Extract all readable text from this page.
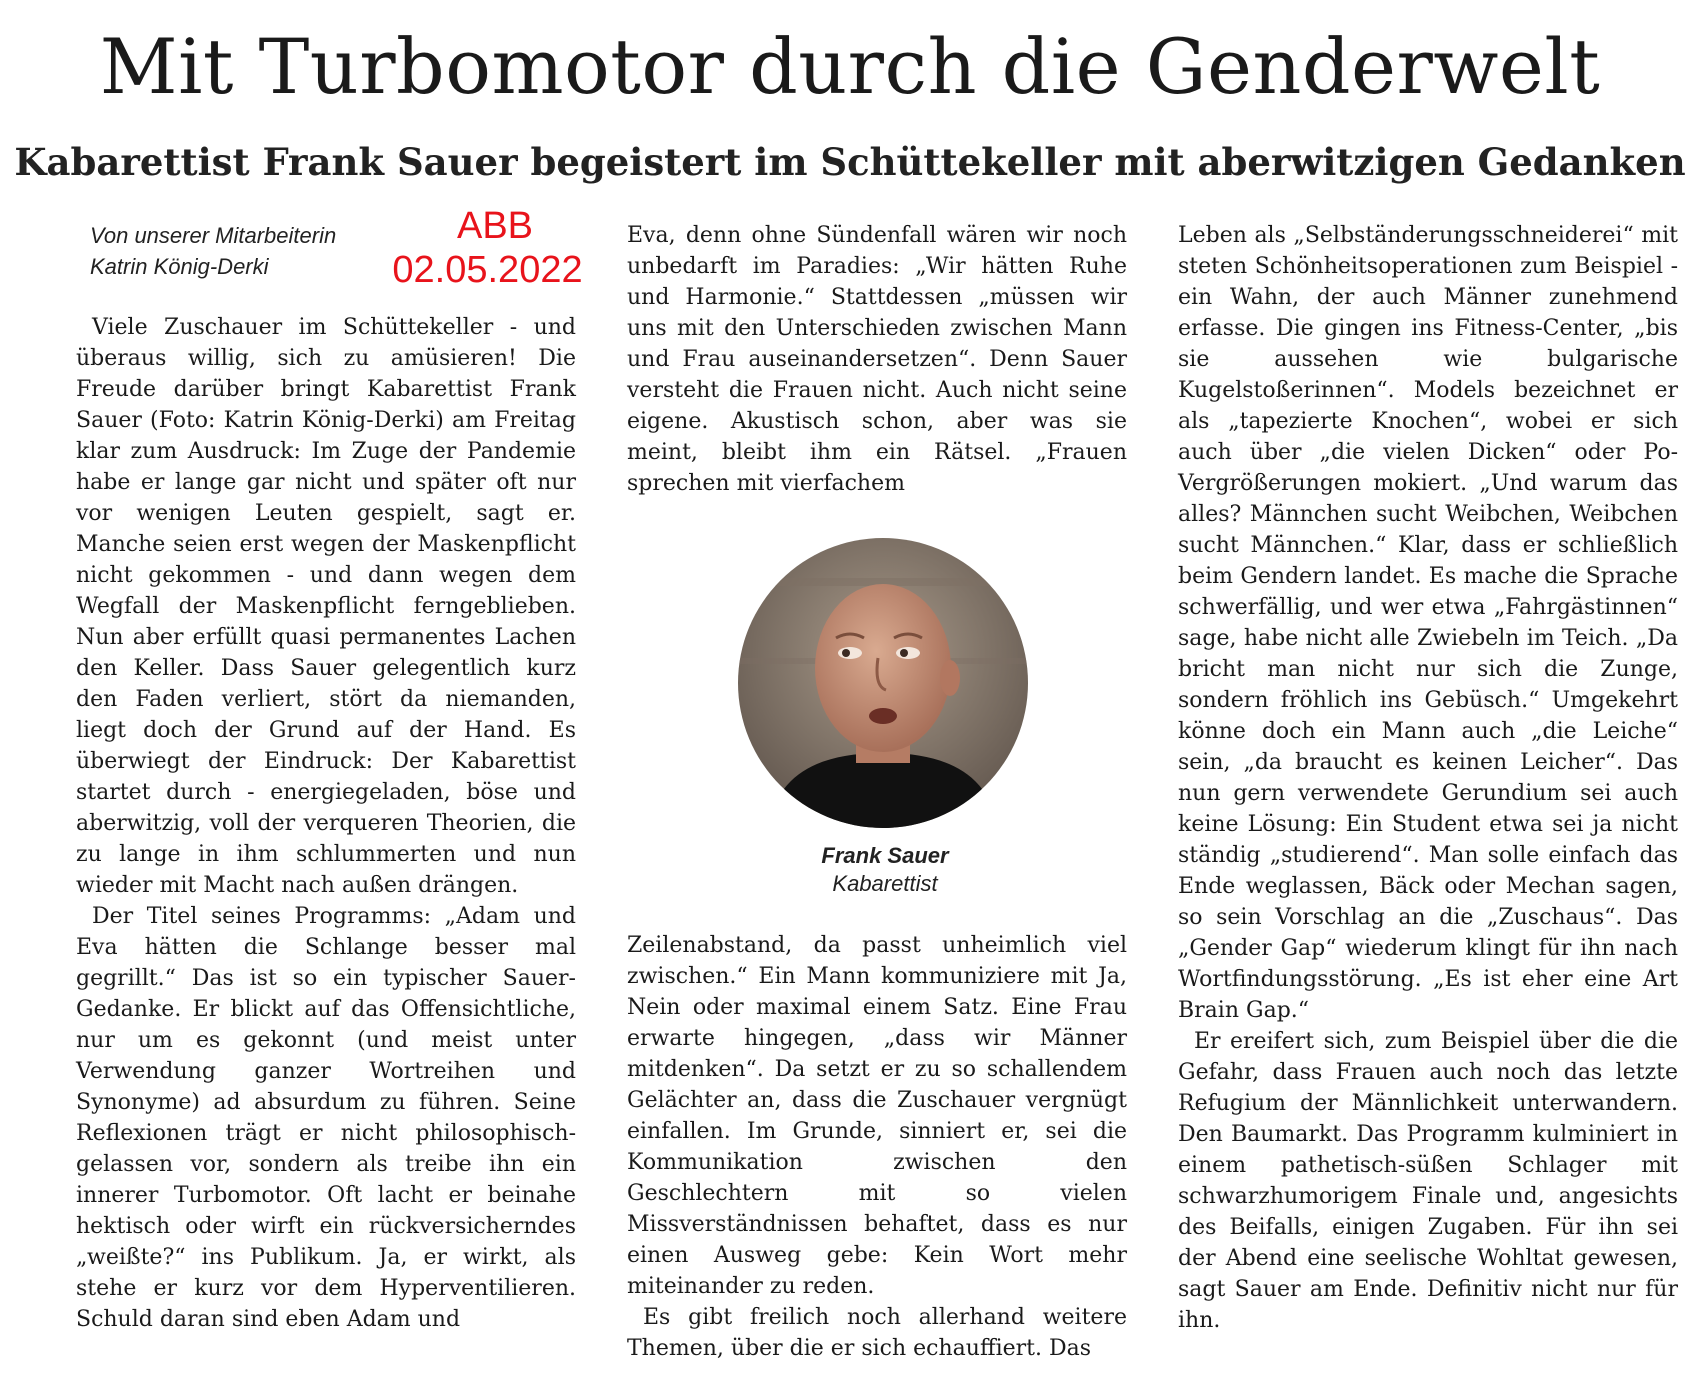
Mit Turbomotor durch die Genderwelt
Kabarettist Frank Sauer begeistert im Schüttekeller mit aberwitzigen Gedanken
Von unserer Mitarbeiterin
Katrin König-Derki
ABB
02.05.2022

Viele Zuschauer im Schüttekeller - und überaus willig, sich zu amüsieren! Die Freude darüber bringt Kabarettist Frank Sauer (Foto: Katrin König-Derki) am Freitag klar zum Ausdruck: Im Zuge der Pandemie habe er lange gar nicht und später oft nur vor wenigen Leuten gespielt, sagt er. Manche seien erst wegen der Maskenpflicht nicht gekommen - und dann wegen dem Wegfall der Maskenpflicht ferngeblieben. Nun aber erfüllt quasi permanentes Lachen den Keller. Dass Sauer gelegentlich kurz den Faden verliert, stört da niemanden, liegt doch der Grund auf der Hand. Es überwiegt der Eindruck: Der Kabarettist startet durch - energiegeladen, böse und aberwitzig, voll der verqueren Theorien, die zu lange in ihm schlummerten und nun wieder mit Macht nach außen drängen.

Der Titel seines Programms: „Adam und Eva hätten die Schlange besser mal gegrillt.“ Das ist so ein typischer Sauer-Gedanke. Er blickt auf das Offensichtliche, nur um es gekonnt (und meist unter Verwendung ganzer Wortreihen und Synonyme) ad absurdum zu führen. Seine Reflexionen trägt er nicht philosophisch-gelassen vor, sondern als treibe ihn ein innerer Turbomotor. Oft lacht er beinahe hektisch oder wirft ein rückversicherndes „weißte?“ ins Publikum. Ja, er wirkt, als stehe er kurz vor dem Hyperventilieren. Schuld daran sind eben Adam und

Eva, denn ohne Sündenfall wären wir noch unbedarft im Paradies: „Wir hätten Ruhe und Harmonie.“ Stattdessen „müssen wir uns mit den Unterschieden zwischen Mann und Frau auseinandersetzen“. Denn Sauer versteht die Frauen nicht. Auch nicht seine eigene. Akustisch schon, aber was sie meint, bleibt ihm ein Rätsel. „Frauen sprechen mit vierfachem

Frank Sauer
Kabarettist

Zeilenabstand, da passt unheimlich viel zwischen.“ Ein Mann kommuniziere mit Ja, Nein oder maximal einem Satz. Eine Frau erwarte hingegen, „dass wir Männer mitdenken“. Da setzt er zu so schallendem Gelächter an, dass die Zuschauer vergnügt einfallen. Im Grunde, sinniert er, sei die Kommunikation zwischen den Geschlechtern mit so vielen Missverständnissen behaftet, dass es nur einen Ausweg gebe: Kein Wort mehr miteinander zu reden.

Es gibt freilich noch allerhand weitere Themen, über die er sich echauffiert. Das

Leben als „Selbständerungsschneiderei“ mit steten Schönheitsoperationen zum Beispiel - ein Wahn, der auch Männer zunehmend erfasse. Die gingen ins Fitness-Center, „bis sie aussehen wie bulgarische Kugelstoßerinnen“. Models bezeichnet er als „tapezierte Knochen“, wobei er sich auch über „die vielen Dicken“ oder Po-Vergrößerungen mokiert. „Und warum das alles? Männchen sucht Weibchen, Weibchen sucht Männchen.“ Klar, dass er schließlich beim Gendern landet. Es mache die Sprache schwerfällig, und wer etwa „Fahrgästinnen“ sage, habe nicht alle Zwiebeln im Teich. „Da bricht man nicht nur sich die Zunge, sondern fröhlich ins Gebüsch.“ Umgekehrt könne doch ein Mann auch „die Leiche“ sein, „da braucht es keinen Leicher“. Das nun gern verwendete Gerundium sei auch keine Lösung: Ein Student etwa sei ja nicht ständig „studierend“. Man solle einfach das Ende weglassen, Bäck oder Mechan sagen, so sein Vorschlag an die „Zuschaus“. Das „Gender Gap“ wiederum klingt für ihn nach Wortfindungsstörung. „Es ist eher eine Art Brain Gap.“

Er ereifert sich, zum Beispiel über die die Gefahr, dass Frauen auch noch das letzte Refugium der Männlichkeit unterwandern. Den Baumarkt. Das Programm kulminiert in einem pathetisch-süßen Schlager mit schwarzhumorigem Finale und, angesichts des Beifalls, einigen Zugaben. Für ihn sei der Abend eine seelische Wohltat gewesen, sagt Sauer am Ende. Definitiv nicht nur für ihn.
